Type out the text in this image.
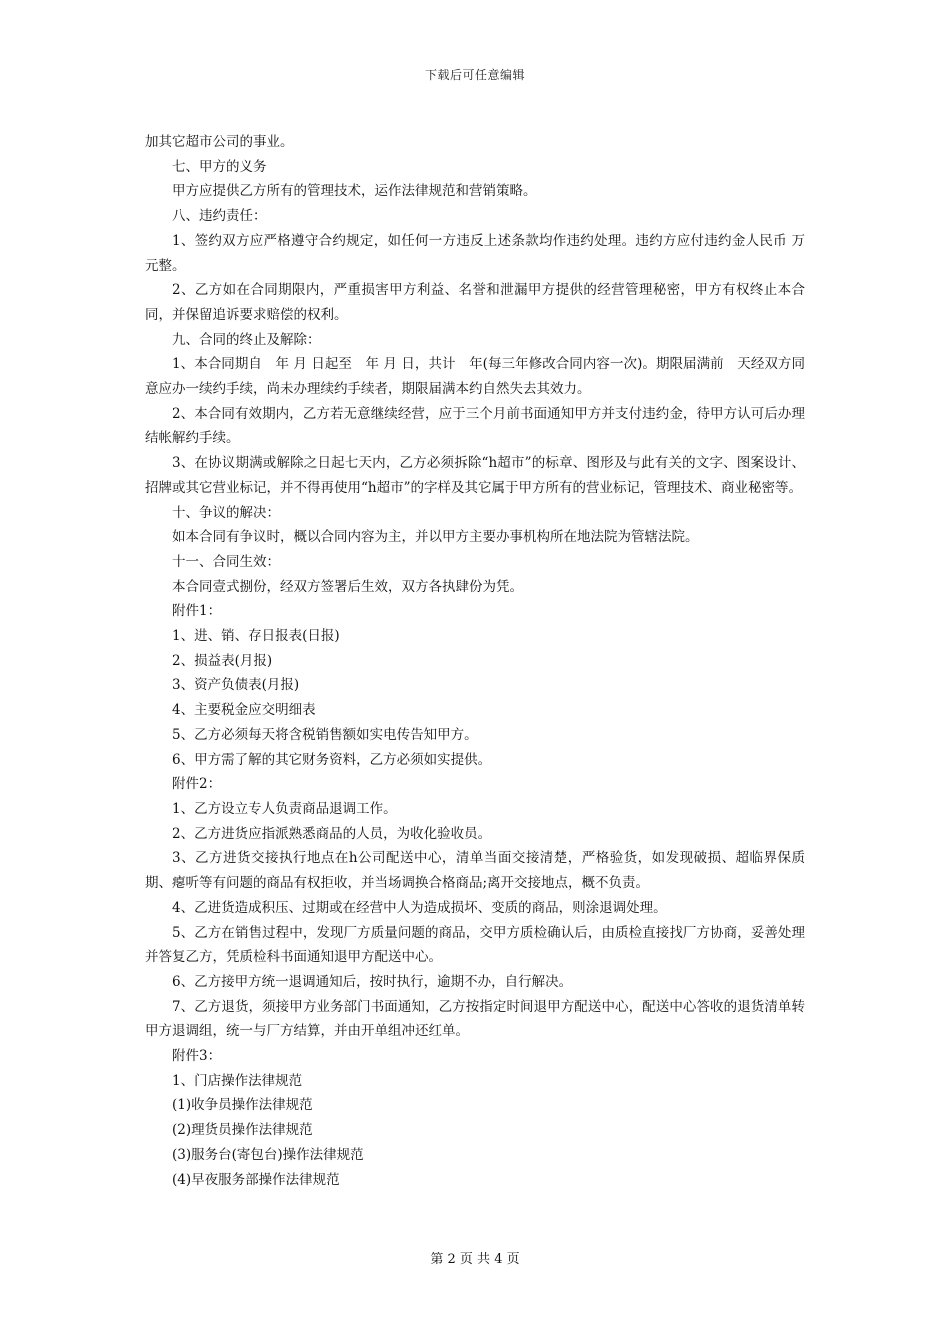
下载后可任意编辑

加其它超市公司的事业。

七、甲方的义务

甲方应提供乙方所有的管理技术，运作法律规范和营销策略。

八、违约责任：

1、签约双方应严格遵守合约规定，如任何一方违反上述条款均作违约处理。违约方应付违约金人民币 万元整。

2、乙方如在合同期限内，严重损害甲方利益、名誉和泄漏甲方提供的经营管理秘密，甲方有权终止本合同，并保留追诉要求赔偿的权利。

九、合同的终止及解除：

1、本合同期自　年 月 日起至　年 月 日，共计　年(每三年修改合同内容一次)。期限届满前　天经双方同意应办一续约手续，尚未办理续约手续者，期限届满本约自然失去其效力。

2、本合同有效期内，乙方若无意继续经营，应于三个月前书面通知甲方并支付违约金，待甲方认可后办理结帐解约手续。

3、在协议期满或解除之日起七天内，乙方必须拆除“h超市”的标章、图形及与此有关的文字、图案设计、招牌或其它营业标记，并不得再使用“h超市”的字样及其它属于甲方所有的营业标记，管理技术、商业秘密等。

十、争议的解决：

如本合同有争议时，概以合同内容为主，并以甲方主要办事机构所在地法院为管辖法院。

十一、合同生效：

本合同壹式捌份，经双方签署后生效，双方各执肆份为凭。

附件1：

1、进、销、存日报表(日报)

2、损益表(月报)

3、资产负债表(月报)

4、主要税金应交明细表

5、乙方必须每天将含税销售额如实电传告知甲方。

6、甲方需了解的其它财务资料，乙方必须如实提供。

附件2：

1、乙方设立专人负责商品退调工作。

2、乙方进货应指派熟悉商品的人员，为收化验收员。

3、乙方进货交接执行地点在h公司配送中心，清单当面交接清楚，严格验货，如发现破损、超临界保质期、瘪听等有问题的商品有权拒收，并当场调换合格商品;离开交接地点，概不负责。

4、乙进货造成积压、过期或在经营中人为造成损坏、变质的商品，则涂退调处理。

5、乙方在销售过程中，发现厂方质量问题的商品，交甲方质检确认后，由质检直接找厂方协商，妥善处理并答复乙方，凭质检科书面通知退甲方配送中心。

6、乙方接甲方统一退调通知后，按时执行，逾期不办，自行解决。

7、乙方退货，须接甲方业务部门书面通知，乙方按指定时间退甲方配送中心，配送中心答收的退货清单转甲方退调组，统一与厂方结算，并由开单组冲还红单。

附件3：

1、门店操作法律规范

(1)收争员操作法律规范

(2)理货员操作法律规范

(3)服务台(寄包台)操作法律规范

(4)早夜服务部操作法律规范

第 2 页 共 4 页
